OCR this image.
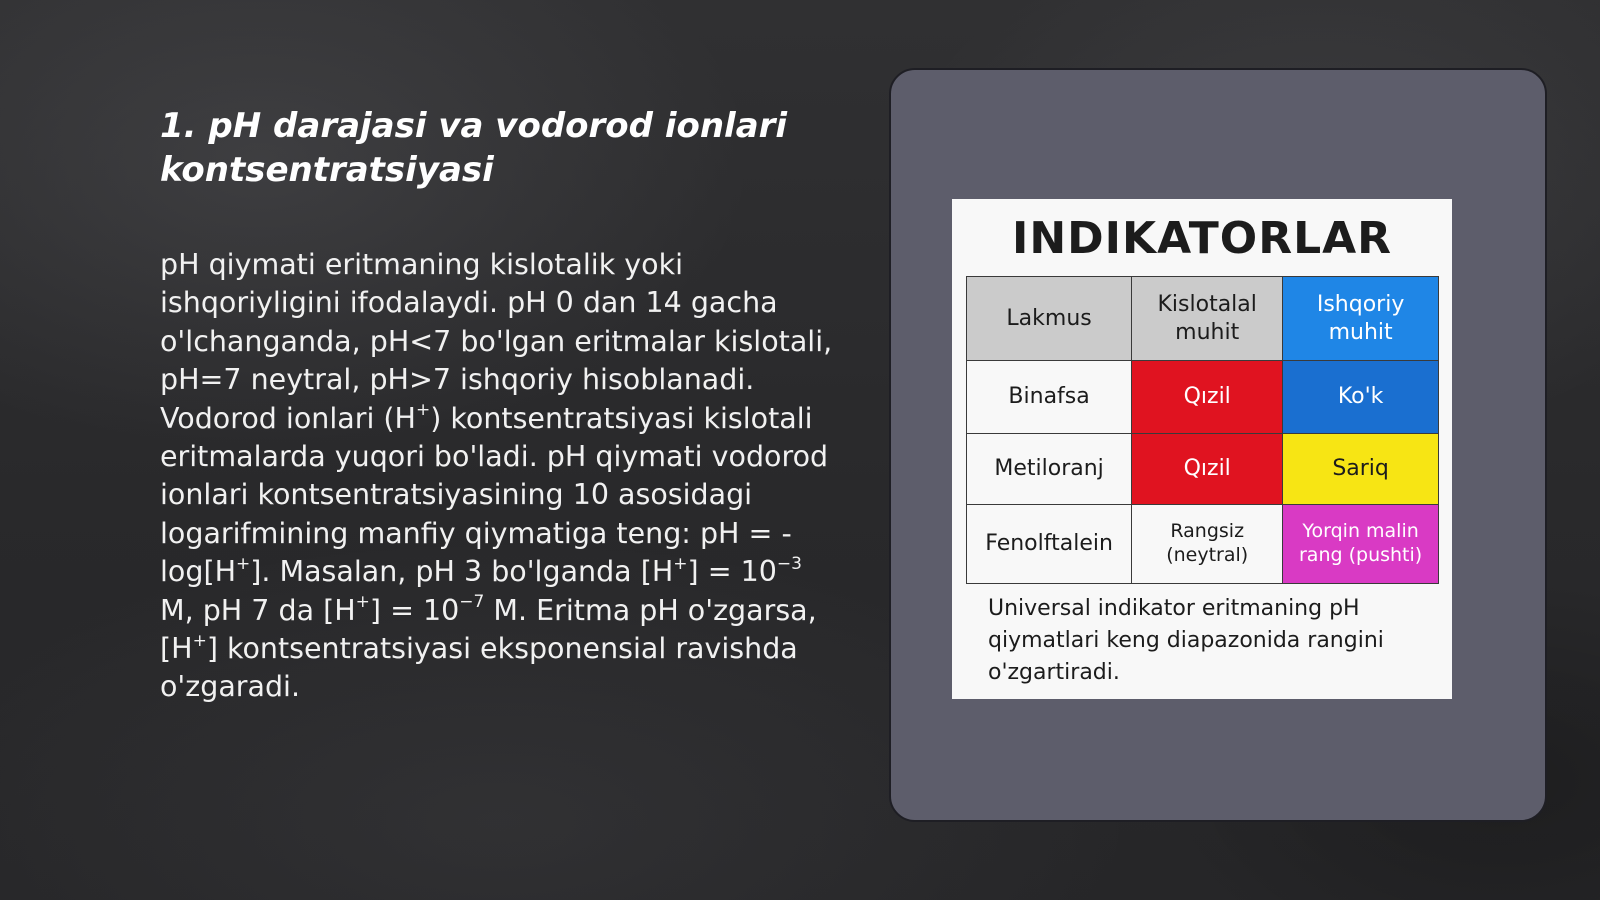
1. pH darajasi va vodorod ionlari kontsentratsiyasi

pH qiymati eritmaning kislotalik yoki ishqoriyligini ifodalaydi. pH 0 dan 14 gacha o'lchanganda, pH<7 bo'lgan eritmalar kislotali, pH=7 neytral, pH>7 ishqoriy hisoblanadi. Vodorod ionlari (H+) kontsentratsiyasi kislotali eritmalarda yuqori bo'ladi. pH qiymati vodorod ionlari kontsentratsiyasining 10 asosidagi logarifmining manfiy qiymatiga teng: pH = -log[H+]. Masalan, pH 3 bo'lganda $[H^+] = 10^{-3}$ M, pH 7 da $[H^+] = 10^{-7}$ M. Eritma pH o'zgarsa, [H+] kontsentratsiyasi eksponensial ravishda o'zgaradi.

INDIKATORLAR
Lakmus	Kislotalal muhit	Ishqoriy muhit
Binafsa	Qızil	Ko'k
Metiloranj	Qızil	Sariq
Fenolftalein	Rangsiz (neytral)	Yorqin malin rang (pushti)

Universal indikator eritmaning pH qiymatlari keng diapazonida rangini o'zgartiradi.
